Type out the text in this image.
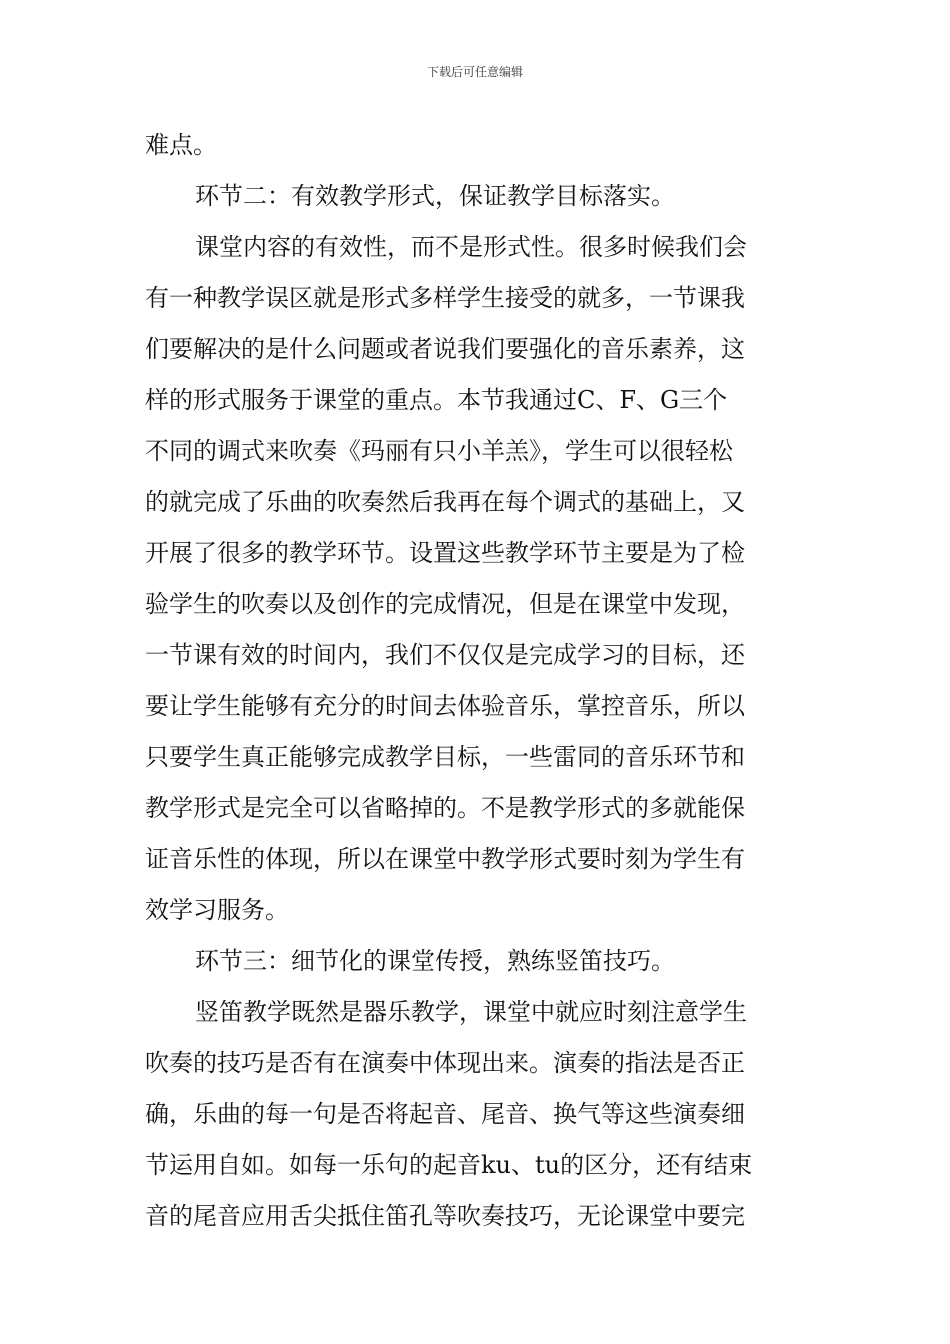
下载后可任意编辑
难点。
环节二：有效教学形式，保证教学目标落实。
课堂内容的有效性，而不是形式性。很多时候我们会
有一种教学误区就是形式多样学生接受的就多，一节课我
们要解决的是什么问题或者说我们要强化的音乐素养，这
样的形式服务于课堂的重点。本节我通过C、F、G三个
不同的调式来吹奏《玛丽有只小羊羔》，学生可以很轻松
的就完成了乐曲的吹奏然后我再在每个调式的基础上，又
开展了很多的教学环节。设置这些教学环节主要是为了检
验学生的吹奏以及创作的完成情况，但是在课堂中发现，
一节课有效的时间内，我们不仅仅是完成学习的目标，还
要让学生能够有充分的时间去体验音乐，掌控音乐，所以
只要学生真正能够完成教学目标，一些雷同的音乐环节和
教学形式是完全可以省略掉的。不是教学形式的多就能保
证音乐性的体现，所以在课堂中教学形式要时刻为学生有
效学习服务。
环节三：细节化的课堂传授，熟练竖笛技巧。
竖笛教学既然是器乐教学，课堂中就应时刻注意学生
吹奏的技巧是否有在演奏中体现出来。演奏的指法是否正
确，乐曲的每一句是否将起音、尾音、换气等这些演奏细
节运用自如。如每一乐句的起音ku、tu的区分，还有结束
音的尾音应用舌尖抵住笛孔等吹奏技巧，无论课堂中要完
